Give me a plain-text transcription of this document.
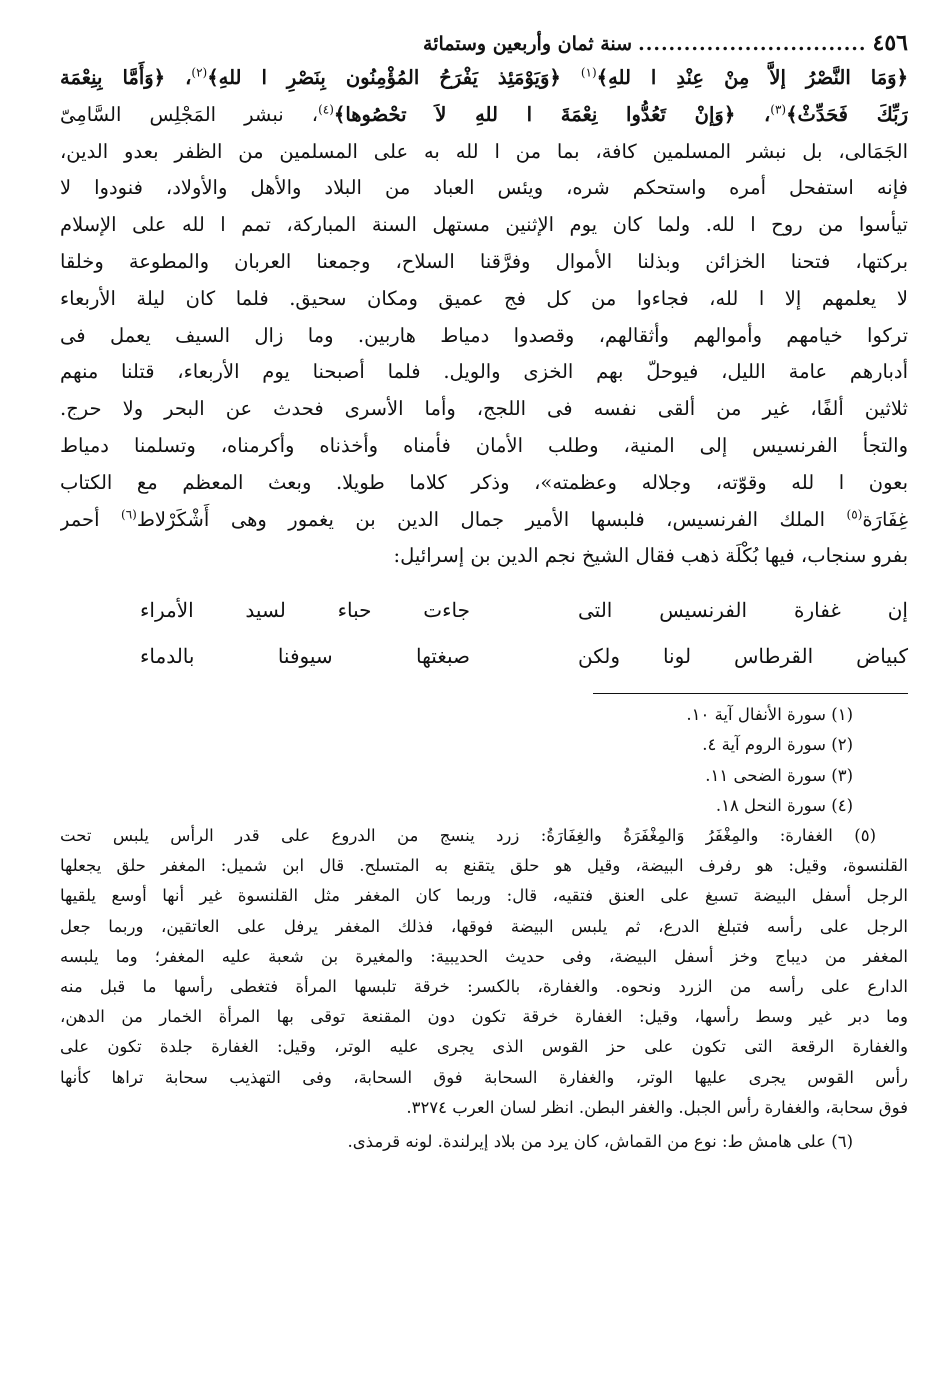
٤٥٦
..............................
سنة ثمان وأربعين وستمائة
﴿وَمَا النَّصْرُ إلاَّ مِنْ عِنْدِ ا للهِ﴾$^{(١)}$ ﴿وَيَوْمَئِذ يَفْرَحُ المُؤْمِنُون بِنَصْرِ ا للهِ﴾$^{(٢)}$، ﴿وَأَمَّا بِنِعْمَة
رَبِّكَ فَحَدِّثْ﴾$^{(٣)}$، ﴿وَإنْ تَعُدُّوا نِعْمَةَ ا للهِ لاَ تحْصُوها﴾$^{(٤)}$، نبشر المَجْلِس السَّامِىّ
الجَمَالى، بل نبشر المسلمين كافة، بما من ا لله به على المسلمين من الظفر بعدو الدين،
فإنه استفحل أمره واستحكم شره، ويئس العباد من البلاد والأهل والأولاد، فنودوا لا
تيأسوا من روح ا لله. ولما كان يوم الإثنين مستهل السنة المباركة، تمم ا لله على الإسلام
بركتها، فتحنا الخزائن وبذلنا الأموال وفرَّقنا السلاح، وجمعنا العربان والمطوعة وخلقا
لا يعلمهم إلا ا لله، فجاءوا من كل فج عميق ومكان سحيق. فلما كان ليلة الأربعاء
تركوا خيامهم وأموالهم وأثقالهم، وقصدوا دمياط هاربين. وما زال السيف يعمل فى
أدبارهم عامة الليل، فيوحلّ بهم الخزى والويل. فلما أصبحنا يوم الأربعاء، قتلنا منهم
ثلاثين ألفًا، غير من ألقى نفسه فى اللجج، وأما الأسرى فحدث عن البحر ولا حرج.
والتجأ الفرنسيس إلى المنية، وطلب الأمان فأمناه وأخذناه وأكرمناه، وتسلمنا دمياط
بعون ا لله وقوّته، وجلاله وعظمته»، وذكر كلاما طويلا. وبعث المعظم مع الكتاب
غِفَارَة$^{(٥)}$ الملك الفرنسيس، فلبسها الأمير جمال الدين بن يغمور وهى أَشْكَرْلاط$^{(٦)}$ أحمر
بفرو سنجاب، فيها بُكْلَة ذهب فقال الشيخ نجم الدين بن إسرائيل:
إن غفارة الفرنسيس التى
جاءت حباء لسيد الأمراء
كبياض القرطاس لونا ولكن
صبغتها سيوفنا بالدماء
(١) سورة الأنفال آية ١٠.
(٢) سورة الروم آية ٤.
(٣) سورة الضحى ١١.
(٤) سورة النحل ١٨.
(٥) الغفارة: والمِغْفَرُ وَالمِغْفَرَةُ والغِفَارَةُ: زرد ينسج من الدروع على قدر الرأس يلبس تحت
القلنسوة، وقيل: هو رفرف البيضة، وقيل هو حلق يتقنع به المتسلح. قال ابن شميل: المغفر حلق يجعلها
الرجل أسفل البيضة تسبغ على العنق فتقيه، قال: وربما كان المغفر مثل القلنسوة غير أنها أوسع يلقيها
الرجل على رأسه فتبلغ الدرع، ثم يلبس البيضة فوقها، فذلك المغفر يرفل على العاتقين، وربما جعل
المغفر من ديباج وخز أسفل البيضة، وفى حديث الحديبية: والمغيرة بن شعبة عليه المغفر؛ وما يلبسه
الدارع على رأسه من الزرد ونحوه. والغفارة، بالكسر: خرقة تلبسها المرأة فتغطى رأسها ما قبل منه
وما دبر غير وسط رأسها، وقيل: الغفارة خرقة تكون دون المقنعة توقى بها المرأة الخمار من الدهن،
والغفارة الرقعة التى تكون على حز القوس الذى يجرى عليه الوتر، وقيل: الغفارة جلدة تكون على
رأس القوس يجرى عليها الوتر، والغفارة السحابة فوق السحابة، وفى التهذيب سحابة تراها كأنها
فوق سحابة، والغفارة رأس الجبل. والغفر البطن. انظر لسان العرب ٣٢٧٤.
(٦) على هامش ط: نوع من القماش، كان يرد من بلاد إيرلندة. لونه قرمذى.
